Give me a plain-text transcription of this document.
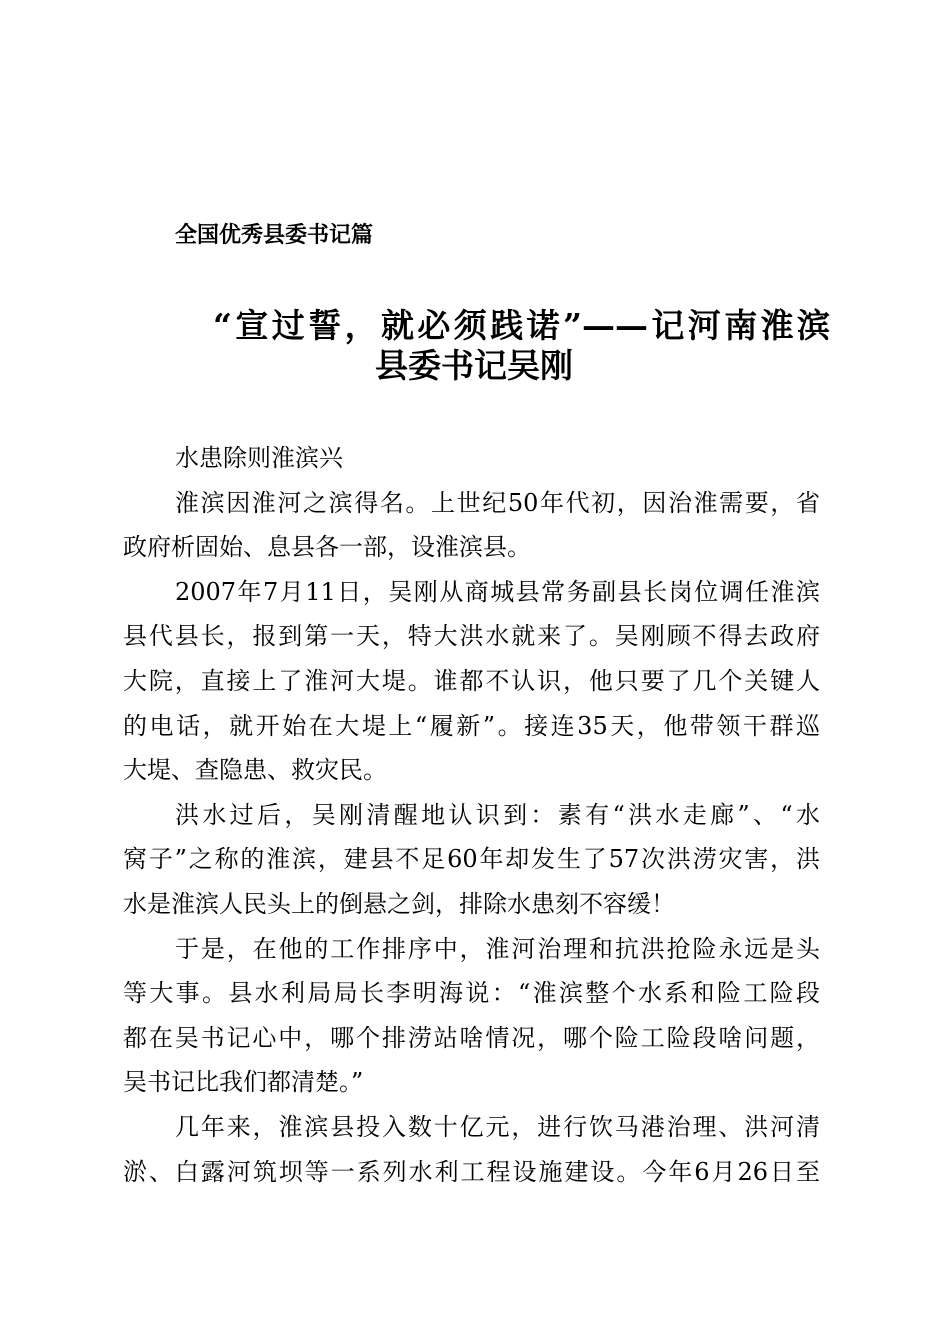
全国优秀县委书记篇
“宣过誓，就必须践诺”——记河南淮滨
县委书记吴刚
水患除则淮滨兴
淮滨因淮河之滨得名。上世纪50年代初，因治淮需要，省
政府析固始、息县各一部，设淮滨县。
2007年7月11日，吴刚从商城县常务副县长岗位调任淮滨
县代县长，报到第一天，特大洪水就来了。吴刚顾不得去政府
大院，直接上了淮河大堤。谁都不认识，他只要了几个关键人
的电话，就开始在大堤上“履新”。接连35天，他带领干群巡
大堤、查隐患、救灾民。
洪水过后，吴刚清醒地认识到：素有“洪水走廊”、“水
窝子”之称的淮滨，建县不足60年却发生了57次洪涝灾害，洪
水是淮滨人民头上的倒悬之剑，排除水患刻不容缓！
于是，在他的工作排序中，淮河治理和抗洪抢险永远是头
等大事。县水利局局长李明海说：“淮滨整个水系和险工险段
都在吴书记心中，哪个排涝站啥情况，哪个险工险段啥问题，
吴书记比我们都清楚。”
几年来，淮滨县投入数十亿元，进行饮马港治理、洪河清
淤、白露河筑坝等一系列水利工程设施建设。今年6月26日至
